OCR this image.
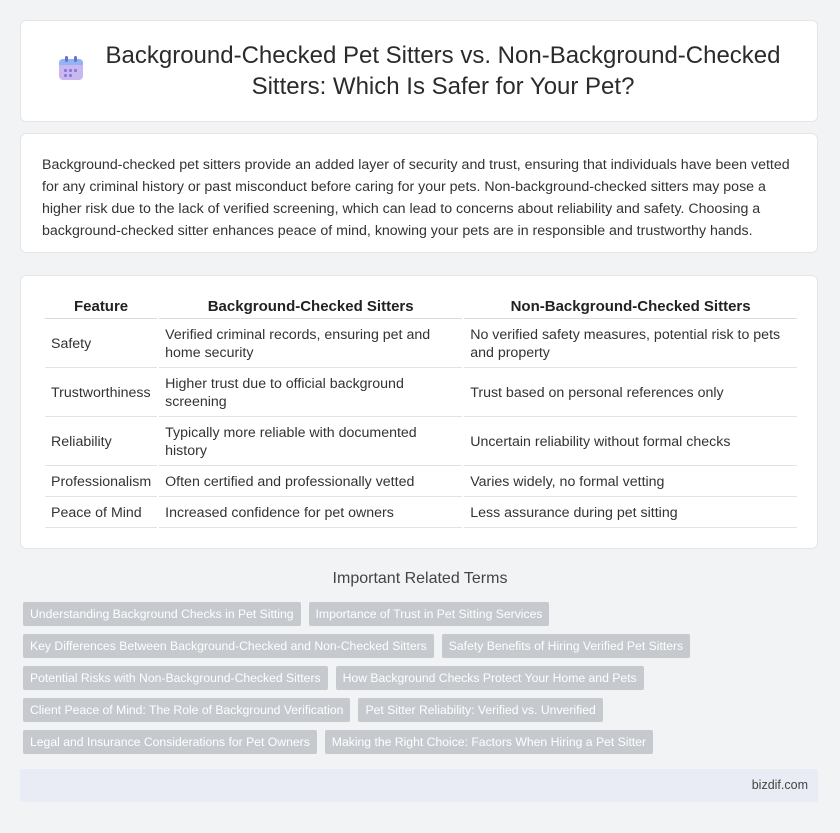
Background-Checked Pet Sitters vs. Non-Background-Checked
Sitters: Which Is Safer for Your Pet?

Background-checked pet sitters provide an added layer of security and trust, ensuring that individuals have been vetted for any criminal history or past misconduct before caring for your pets. Non-background-checked sitters may pose a higher risk due to the lack of verified screening, which can lead to concerns about reliability and safety. Choosing a background-checked sitter enhances peace of mind, knowing your pets are in responsible and trustworthy hands.

Feature	Background-Checked Sitters	Non-Background-Checked Sitters
Safety	Verified criminal records, ensuring pet and home security	No verified safety measures, potential risk to pets and property
Trustworthiness	Higher trust due to official background screening	Trust based on personal references only
Reliability	Typically more reliable with documented history	Uncertain reliability without formal checks
Professionalism	Often certified and professionally vetted	Varies widely, no formal vetting
Peace of Mind	Increased confidence for pet owners	Less assurance during pet sitting
Important Related Terms
Understanding Background Checks in Pet Sitting	Importance of Trust in Pet Sitting Services
Key Differences Between Background-Checked and Non-Checked Sitters	Safety Benefits of Hiring Verified Pet Sitters
Potential Risks with Non-Background-Checked Sitters	How Background Checks Protect Your Home and Pets
Client Peace of Mind: The Role of Background Verification	Pet Sitter Reliability: Verified vs. Unverified
Legal and Insurance Considerations for Pet Owners	Making the Right Choice: Factors When Hiring a Pet Sitter
bizdif.com
